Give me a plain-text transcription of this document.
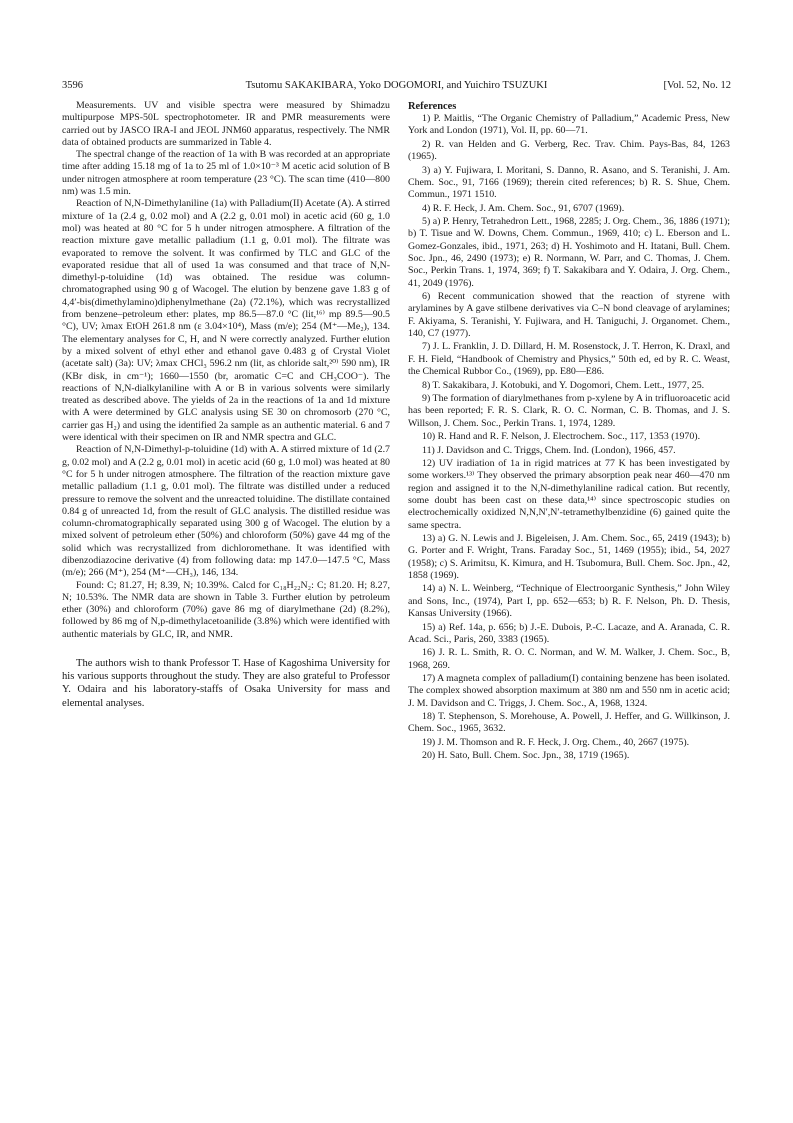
3596	Tsutomu SAKAKIBARA, Yoko DOGOMORI, and Yuichiro TSUZUKI	[Vol. 52, No. 12

Measurements. UV and visible spectra were measured by Shimadzu multipurpose MPS-50L spectrophotometer. IR and PMR measurements were carried out by JASCO IRA-I and JEOL JNM60 apparatus, respectively. The NMR data of obtained products are summarized in Table 4.

The spectral change of the reaction of 1a with B was recorded at an appropriate time after adding 15.18 mg of 1a to 25 ml of 1.0×10⁻³ M acetic acid solution of B under nitrogen atmosphere at room temperature (23 °C). The scan time (410—800 nm) was 1.5 min.

Reaction of N,N-Dimethylaniline (1a) with Palladium(II) Acetate (A). A stirred mixture of 1a (2.4 g, 0.02 mol) and A (2.2 g, 0.01 mol) in acetic acid (60 g, 1.0 mol) was heated at 80 °C for 5 h under nitrogen atmosphere. A filtration of the reaction mixture gave metallic palladium (1.1 g, 0.01 mol). The filtrate was evaporated to remove the solvent. It was confirmed by TLC and GLC of the evaporated residue that all of used 1a was consumed and that trace of N,N-dimethyl-p-toluidine (1d) was obtained. The residue was column-chromatographed using 90 g of Wacogel. The elution by benzene gave 1.83 g of 4,4′-bis(dimethylamino)diphenylmethane (2a) (72.1%), which was recrystallized from benzene–petroleum ether: plates, mp 86.5—87.0 °C (lit,¹⁶⁾ mp 89.5—90.5 °C), UV; λmax EtOH 261.8 nm (ε 3.04×10⁴), Mass (m/e); 254 (M⁺—Me₂), 134. The elementary analyses for C, H, and N were correctly analyzed. Further elution by a mixed solvent of ethyl ether and ethanol gave 0.483 g of Crystal Violet (acetate salt) (3a): UV; λmax CHCl₃ 596.2 nm (lit, as chloride salt,²⁰⁾ 590 nm), IR (KBr disk, in cm⁻¹); 1660—1550 (br, aromatic C=C and CH₃COO⁻). The reactions of N,N-dialkylaniline with A or B in various solvents were similarly treated as described above. The yields of 2a in the reactions of 1a and 1d mixture with A were determined by GLC analysis using SE 30 on chromosorb (270 °C, carrier gas H₂) and using the identified 2a sample as an authentic material. 6 and 7 were identical with their specimen on IR and NMR spectra and GLC.

Reaction of N,N-Dimethyl-p-toluidine (1d) with A. A stirred mixture of 1d (2.7 g, 0.02 mol) and A (2.2 g, 0.01 mol) in acetic acid (60 g, 1.0 mol) was heated at 80 °C for 5 h under nitrogen atmosphere. The filtration of the reaction mixture gave metallic palladium (1.1 g, 0.01 mol). The filtrate was distilled under a reduced pressure to remove the solvent and the unreacted toluidine. The distillate contained 0.84 g of unreacted 1d, from the result of GLC analysis. The distilled residue was column-chromatographically separated using 300 g of Wacogel. The elution by a mixed solvent of petroleum ether (50%) and chloroform (50%) gave 44 mg of the solid which was recrystallized from dichloromethane. It was identified with dibenzodiazocine derivative (4) from following data: mp 147.0—147.5 °C, Mass (m/e); 266 (M⁺), 254 (M⁺—CH₃), 146, 134.

Found: C; 81.27, H; 8.39, N; 10.39%. Calcd for C₁₈H₂₂N₂: C; 81.20. H; 8.27, N; 10.53%. The NMR data are shown in Table 3. Further elution by petroleum ether (30%) and chloroform (70%) gave 86 mg of diarylmethane (2d) (8.2%), followed by 86 mg of N,p-dimethylacetoanilide (3.8%) which were identified with authentic materials by GLC, IR, and NMR.

The authors wish to thank Professor T. Hase of Kagoshima University for his various supports throughout the study. They are also grateful to Professor Y. Odaira and his laboratory-staffs of Osaka University for mass and elemental analyses.

References

1) P. Maitlis, “The Organic Chemistry of Palladium,” Academic Press, New York and London (1971), Vol. II, pp. 60—71.

2) R. van Helden and G. Verberg, Rec. Trav. Chim. Pays-Bas, 84, 1263 (1965).

3) a) Y. Fujiwara, I. Moritani, S. Danno, R. Asano, and S. Teranishi, J. Am. Chem. Soc., 91, 7166 (1969); therein cited references; b) R. S. Shue, Chem. Commun., 1971 1510.

4) R. F. Heck, J. Am. Chem. Soc., 91, 6707 (1969).

5) a) P. Henry, Tetrahedron Lett., 1968, 2285; J. Org. Chem., 36, 1886 (1971); b) T. Tisue and W. Downs, Chem. Commun., 1969, 410; c) L. Eberson and L. Gomez-Gonzales, ibid., 1971, 263; d) H. Yoshimoto and H. Itatani, Bull. Chem. Soc. Jpn., 46, 2490 (1973); e) R. Normann, W. Parr, and C. Thomas, J. Chem. Soc., Perkin Trans. 1, 1974, 369; f) T. Sakakibara and Y. Odaira, J. Org. Chem., 41, 2049 (1976).

6) Recent communication showed that the reaction of styrene with arylamines by A gave stilbene derivatives via C–N bond cleavage of arylamines; F. Akiyama, S. Teranishi, Y. Fujiwara, and H. Taniguchi, J. Organomet. Chem., 140, C7 (1977).

7) J. L. Franklin, J. D. Dillard, H. M. Rosenstock, J. T. Herron, K. Draxl, and F. H. Field, “Handbook of Chemistry and Physics,” 50th ed, ed by R. C. Weast, the Chemical Rubbor Co., (1969), pp. E80—E86.

8) T. Sakakibara, J. Kotobuki, and Y. Dogomori, Chem. Lett., 1977, 25.

9) The formation of diarylmethanes from p-xylene by A in trifluoroacetic acid has been reported; F. R. S. Clark, R. O. C. Norman, C. B. Thomas, and J. S. Willson, J. Chem. Soc., Perkin Trans. 1, 1974, 1289.

10) R. Hand and R. F. Nelson, J. Electrochem. Soc., 117, 1353 (1970).

11) J. Davidson and C. Triggs, Chem. Ind. (London), 1966, 457.

12) UV iradiation of 1a in rigid matrices at 77 K has been investigated by some workers.¹³⁾ They observed the primary absorption peak near 460—470 nm region and assigned it to the N,N-dimethylaniline radical cation. But recently, some doubt has been cast on these data,¹⁴⁾ since spectroscopic studies on electrochemically oxidized N,N,N′,N′-tetramethylbenzidine (6) gained quite the same spectra.

13) a) G. N. Lewis and J. Bigeleisen, J. Am. Chem. Soc., 65, 2419 (1943); b) G. Porter and F. Wright, Trans. Faraday Soc., 51, 1469 (1955); ibid., 54, 2027 (1958); c) S. Arimitsu, K. Kimura, and H. Tsubomura, Bull. Chem. Soc. Jpn., 42, 1858 (1969).

14) a) N. L. Weinberg, “Technique of Electroorganic Synthesis,” John Wiley and Sons, Inc., (1974), Part I, pp. 652—653; b) R. F. Nelson, Ph. D. Thesis, Kansas University (1966).

15) a) Ref. 14a, p. 656; b) J.-E. Dubois, P.-C. Lacaze, and A. Aranada, C. R. Acad. Sci., Paris, 260, 3383 (1965).

16) J. R. L. Smith, R. O. C. Norman, and W. M. Walker, J. Chem. Soc., B, 1968, 269.

17) A magneta complex of palladium(I) containing benzene has been isolated. The complex showed absorption maximum at 380 nm and 550 nm in acetic acid; J. M. Davidson and C. Triggs, J. Chem. Soc., A, 1968, 1324.

18) T. Stephenson, S. Morehouse, A. Powell, J. Heffer, and G. Willkinson, J. Chem. Soc., 1965, 3632.

19) J. M. Thomson and R. F. Heck, J. Org. Chem., 40, 2667 (1975).

20) H. Sato, Bull. Chem. Soc. Jpn., 38, 1719 (1965).
